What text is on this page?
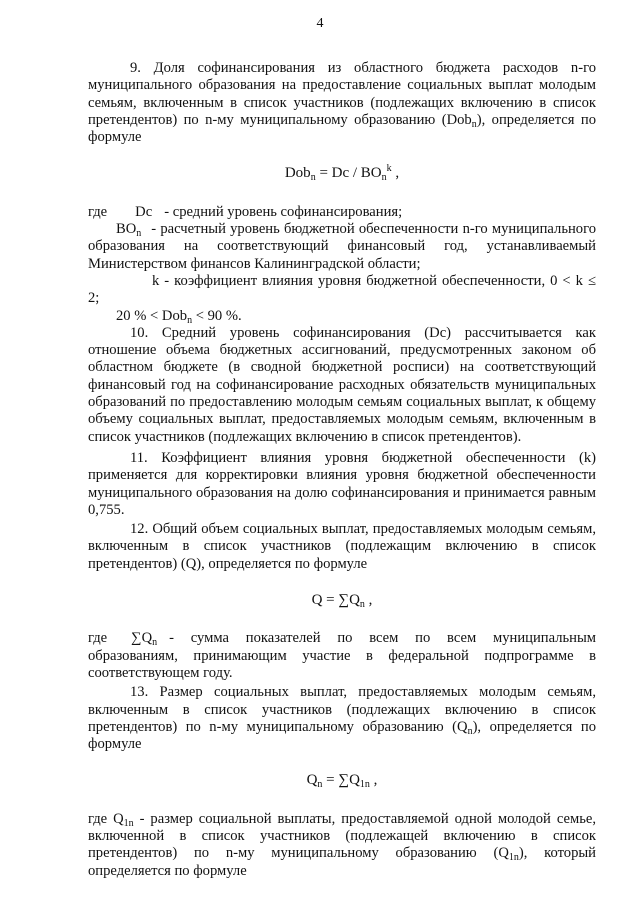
4

9. Доля софинансирования из областного бюджета расходов n-го муниципального образования на предоставление социальных выплат молодым семьям, включенным в список участников (подлежащих включению в список претендентов) по n-му муниципальному образованию (Dob$_n$), определяется по формуле

$Dob_n = Dc / BO_n^k$ ,

где Dc - средний уровень софинансирования;

$BO_n$ - расчетный уровень бюджетной обеспеченности n-го муниципального образования на соответствующий финансовый год, устанавливаемый Министерством финансов Калининградской области;

k - коэффициент влияния уровня бюджетной обеспеченности, 0 < k ≤ 2;

20 % < Dob$_n$ < 90 %.

10. Средний уровень софинансирования (Dc) рассчитывается как отношение объема бюджетных ассигнований, предусмотренных законом об областном бюджете (в сводной бюджетной росписи) на соответствующий финансовый год на софинансирование расходных обязательств муниципальных образований по предоставлению молодым семьям социальных выплат, к общему объему социальных выплат, предоставляемых молодым семьям, включенным в список участников (подлежащих включению в список претендентов).

11. Коэффициент влияния уровня бюджетной обеспеченности (k) применяется для корректировки влияния уровня бюджетной обеспеченности муниципального образования на долю софинансирования и принимается равным 0,755.

12. Общий объем социальных выплат, предоставляемых молодым семьям, включенным в список участников (подлежащим включению в список претендентов) (Q), определяется по формуле

$Q = \sum Q_n$ ,

где $\sum Q_n$ - сумма показателей по всем по всем муниципальным образованиям, принимающим участие в федеральной подпрограмме в соответствующем году.

13. Размер социальных выплат, предоставляемых молодым семьям, включенным в список участников (подлежащих включению в список претендентов) по n-му муниципальному образованию $(Q_n)$, определяется по формуле

$Q_n = \sum Q_{1n}$ ,

где $Q_{1n}$ - размер социальной выплаты, предоставляемой одной молодой семье, включенной в список участников (подлежащей включению в список претендентов) по n-му муниципальному образованию $(Q_{1n})$, который определяется по формуле
